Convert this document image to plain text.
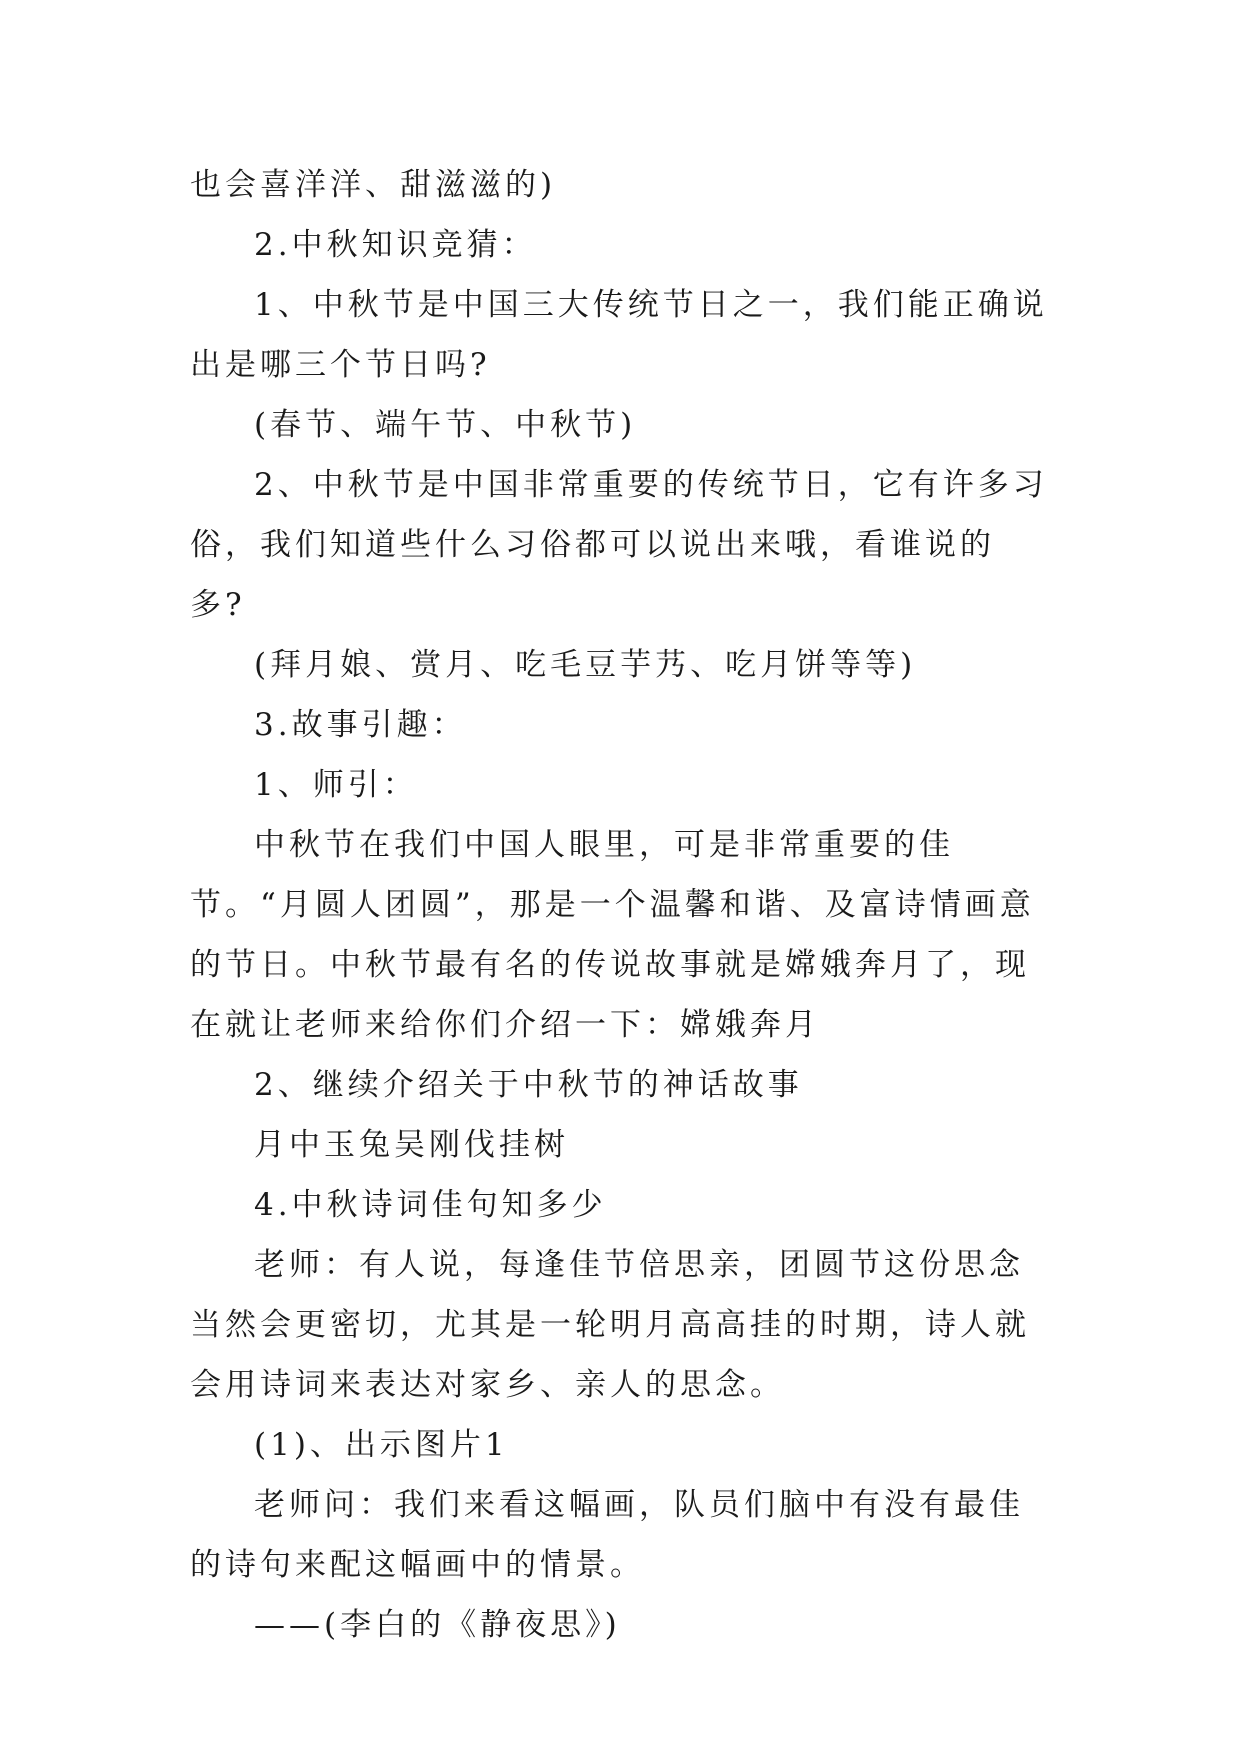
也会喜洋洋、甜滋滋的)

2.中秋知识竞猜：

1、中秋节是中国三大传统节日之一，我们能正确说出是哪三个节日吗?

(春节、端午节、中秋节)

2、中秋节是中国非常重要的传统节日，它有许多习俗，我们知道些什么习俗都可以说出来哦，看谁说的多?

(拜月娘、赏月、吃毛豆芋艿、吃月饼等等)

3.故事引趣：

1、师引：

中秋节在我们中国人眼里，可是非常重要的佳节。“月圆人团圆”，那是一个温馨和谐、及富诗情画意的节日。中秋节最有名的传说故事就是嫦娥奔月了，现在就让老师来给你们介绍一下：嫦娥奔月

2、继续介绍关于中秋节的神话故事

月中玉兔吴刚伐挂树

4.中秋诗词佳句知多少

老师：有人说，每逢佳节倍思亲，团圆节这份思念当然会更密切，尤其是一轮明月高高挂的时期，诗人就会用诗词来表达对家乡、亲人的思念。

(1)、出示图片1

老师问：我们来看这幅画，队员们脑中有没有最佳的诗句来配这幅画中的情景。

——(李白的《静夜思》)
